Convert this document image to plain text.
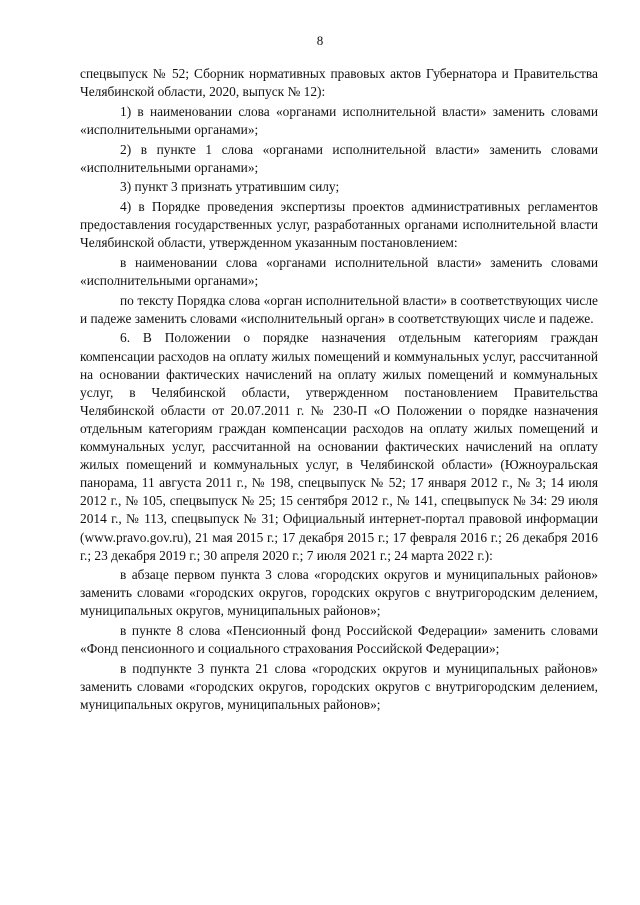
8

спецвыпуск № 52; Сборник нормативных правовых актов Губернатора и Правительства Челябинской области, 2020, выпуск № 12):

1) в наименовании слова «органами исполнительной власти» заменить словами «исполнительными органами»;

2) в пункте 1 слова «органами исполнительной власти» заменить словами «исполнительными органами»;

3) пункт 3 признать утратившим силу;

4) в Порядке проведения экспертизы проектов административных регламентов предоставления государственных услуг, разработанных органами исполнительной власти Челябинской области, утвержденном указанным постановлением:

в наименовании слова «органами исполнительной власти» заменить словами «исполнительными органами»;

по тексту Порядка слова «орган исполнительной власти» в соответствующих числе и падеже заменить словами «исполнительный орган» в соответствующих числе и падеже.

6. В Положении о порядке назначения отдельным категориям граждан компенсации расходов на оплату жилых помещений и коммунальных услуг, рассчитанной на основании фактических начислений на оплату жилых помещений и коммунальных услуг, в Челябинской области, утвержденном постановлением Правительства Челябинской области от 20.07.2011 г. № 230-П «О Положении о порядке назначения отдельным категориям граждан компенсации расходов на оплату жилых помещений и коммунальных услуг, рассчитанной на основании фактических начислений на оплату жилых помещений и коммунальных услуг, в Челябинской области» (Южноуральская панорама, 11 августа 2011 г., № 198, спецвыпуск № 52; 17 января 2012 г., № 3; 14 июля 2012 г., № 105, спецвыпуск № 25; 15 сентября 2012 г., № 141, спецвыпуск № 34: 29 июля 2014 г., № 113, спецвыпуск № 31; Официальный интернет-портал правовой информации (www.pravo.gov.ru), 21 мая 2015 г.; 17 декабря 2015 г.; 17 февраля 2016 г.; 26 декабря 2016 г.; 23 декабря 2019 г.; 30 апреля 2020 г.; 7 июля 2021 г.; 24 марта 2022 г.):

в абзаце первом пункта 3 слова «городских округов и муниципальных районов» заменить словами «городских округов, городских округов с внутригородским делением, муниципальных округов, муниципальных районов»;

в пункте 8 слова «Пенсионный фонд Российской Федерации» заменить словами «Фонд пенсионного и социального страхования Российской Федерации»;

в подпункте 3 пункта 21 слова «городских округов и муниципальных районов» заменить словами «городских округов, городских округов с внутригородским делением, муниципальных округов, муниципальных районов»;
